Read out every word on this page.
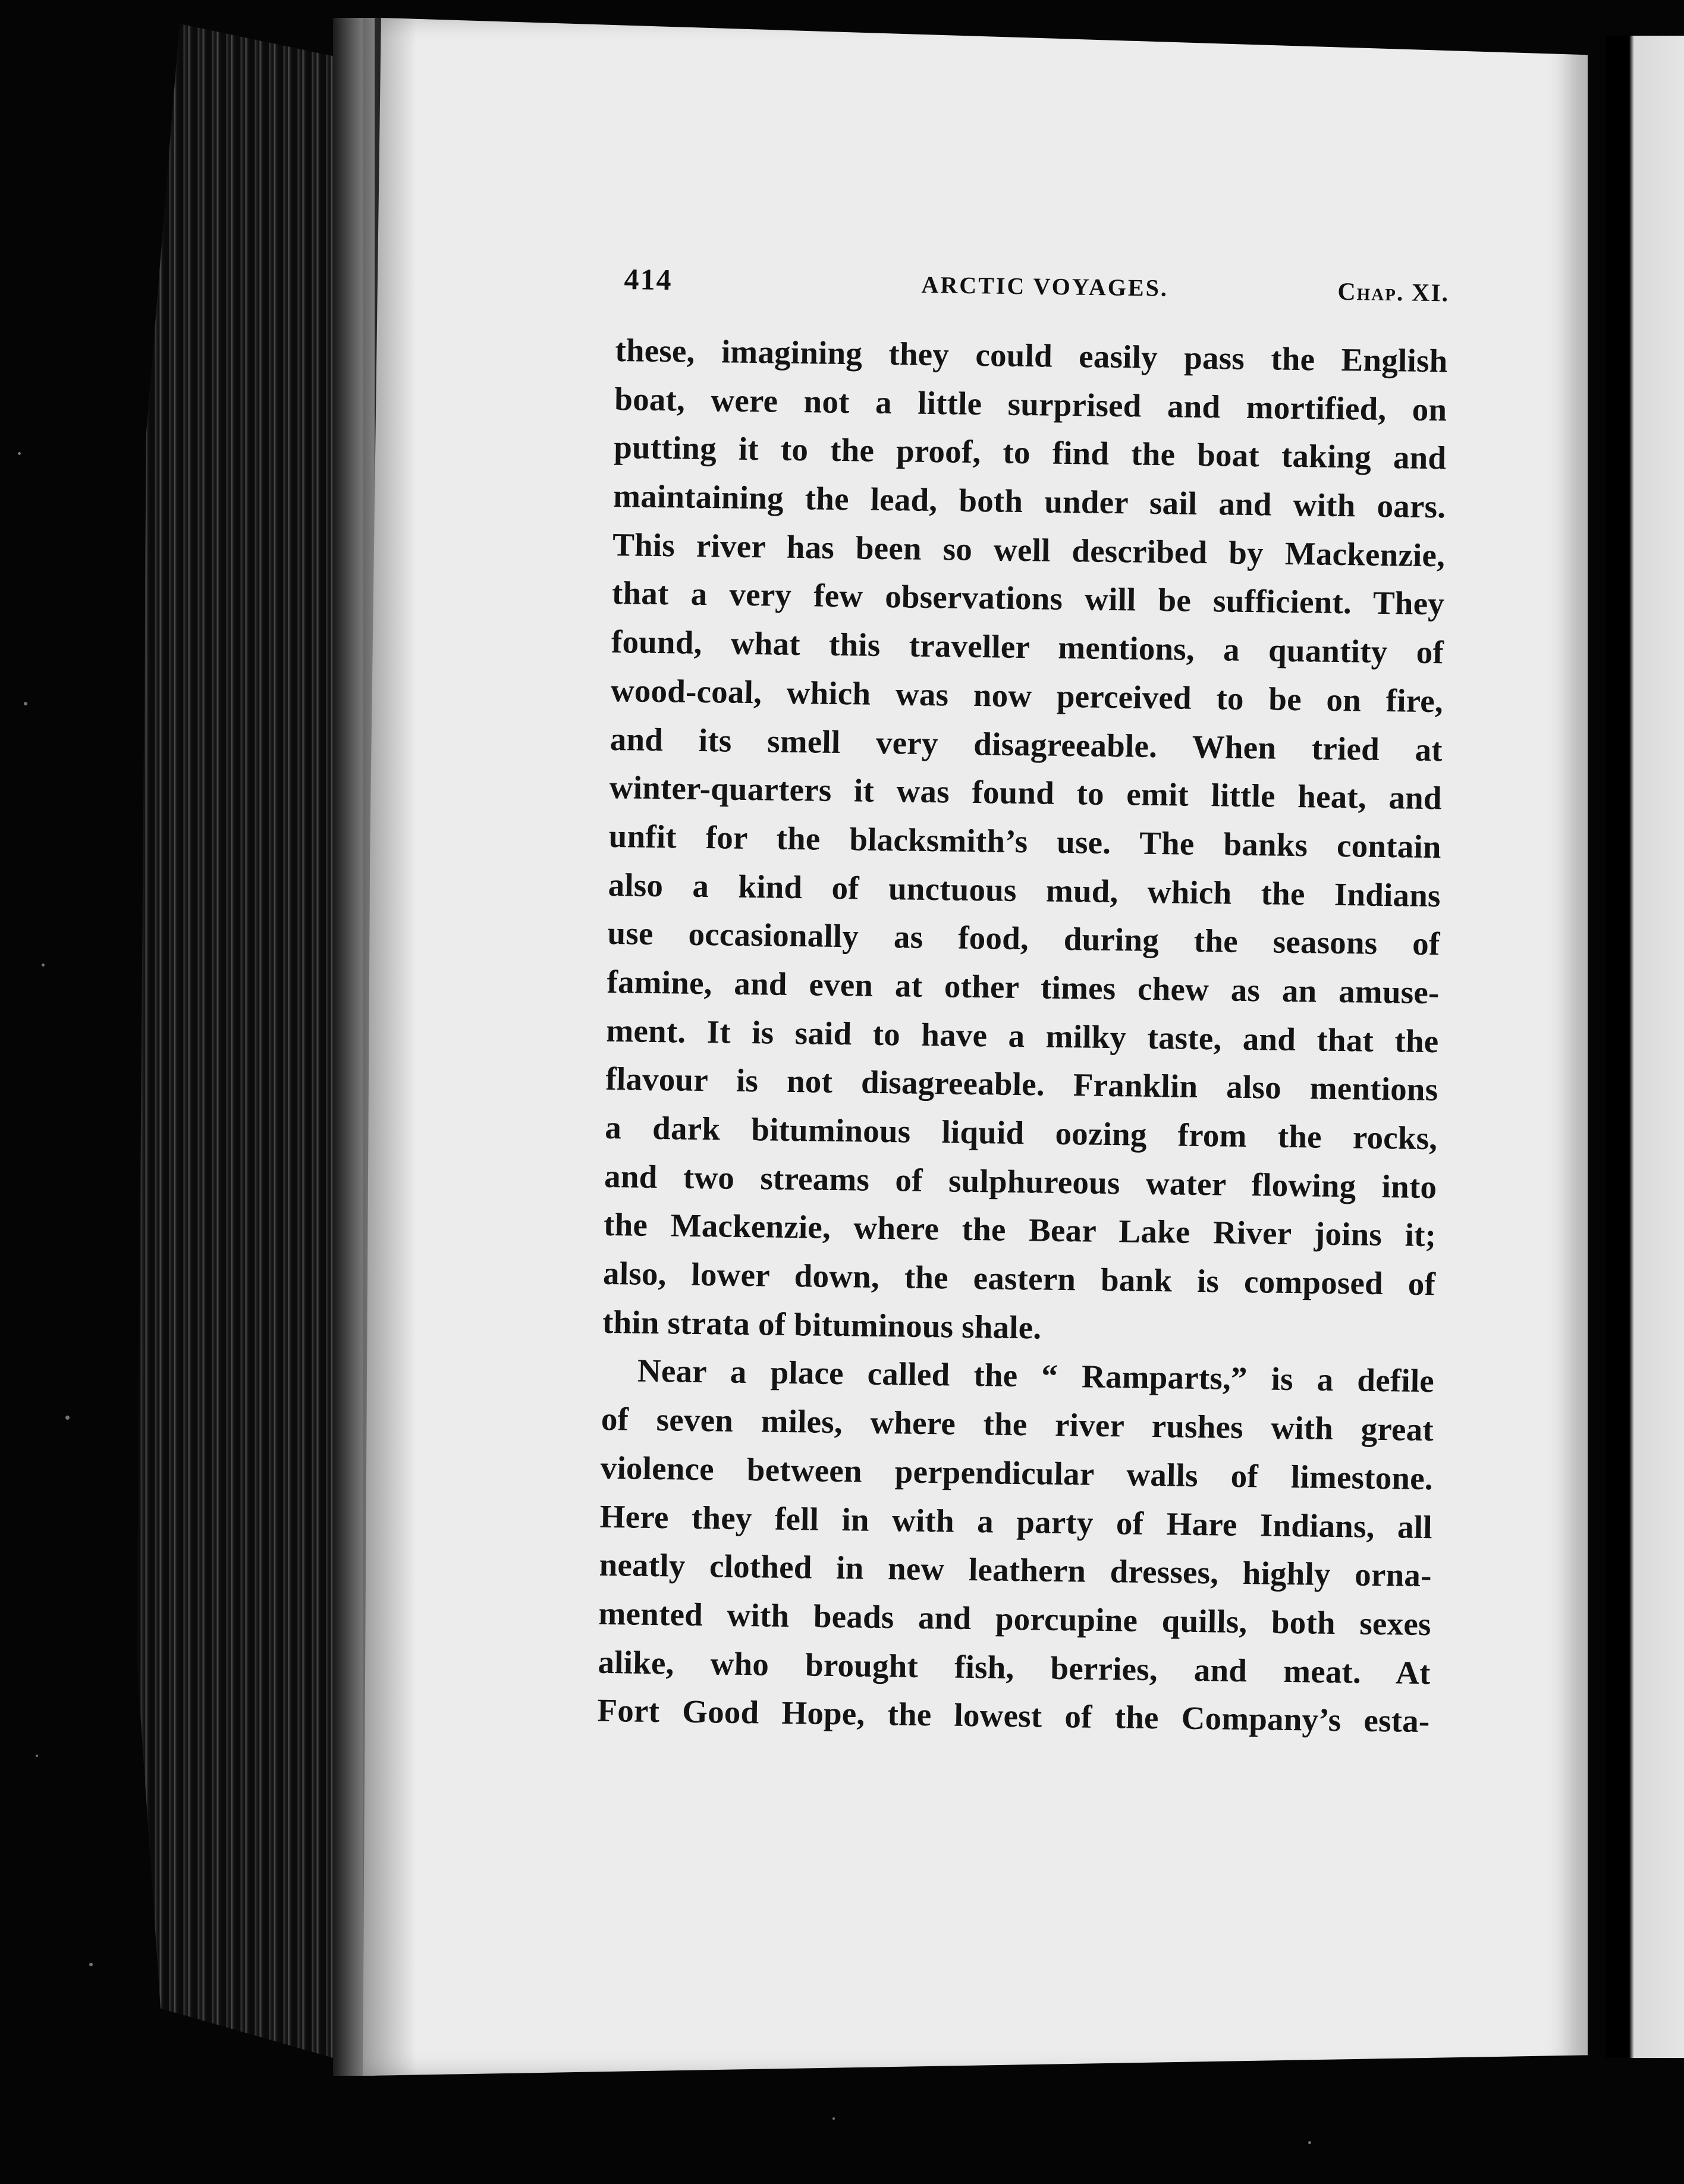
414	ARCTIC VOYAGES.	Chap. XI.
these, imagining they could easily pass the English
boat, were not a little surprised and mortified, on
putting it to the proof, to find the boat taking and
maintaining the lead, both under sail and with oars.
This river has been so well described by Mackenzie,
that a very few observations will be sufficient. They
found, what this traveller mentions, a quantity of
wood-coal, which was now perceived to be on fire,
and its smell very disagreeable. When tried at
winter-quarters it was found to emit little heat, and
unfit for the blacksmith’s use. The banks contain
also a kind of unctuous mud, which the Indians
use occasionally as food, during the seasons of
famine, and even at other times chew as an amuse-
ment. It is said to have a milky taste, and that the
flavour is not disagreeable. Franklin also mentions
a dark bituminous liquid oozing from the rocks,
and two streams of sulphureous water flowing into
the Mackenzie, where the Bear Lake River joins it;
also, lower down, the eastern bank is composed of
thin strata of bituminous shale.
Near a place called the “ Ramparts,” is a defile
of seven miles, where the river rushes with great
violence between perpendicular walls of limestone.
Here they fell in with a party of Hare Indians, all
neatly clothed in new leathern dresses, highly orna-
mented with beads and porcupine quills, both sexes
alike, who brought fish, berries, and meat. At
Fort Good Hope, the lowest of the Company’s esta-
